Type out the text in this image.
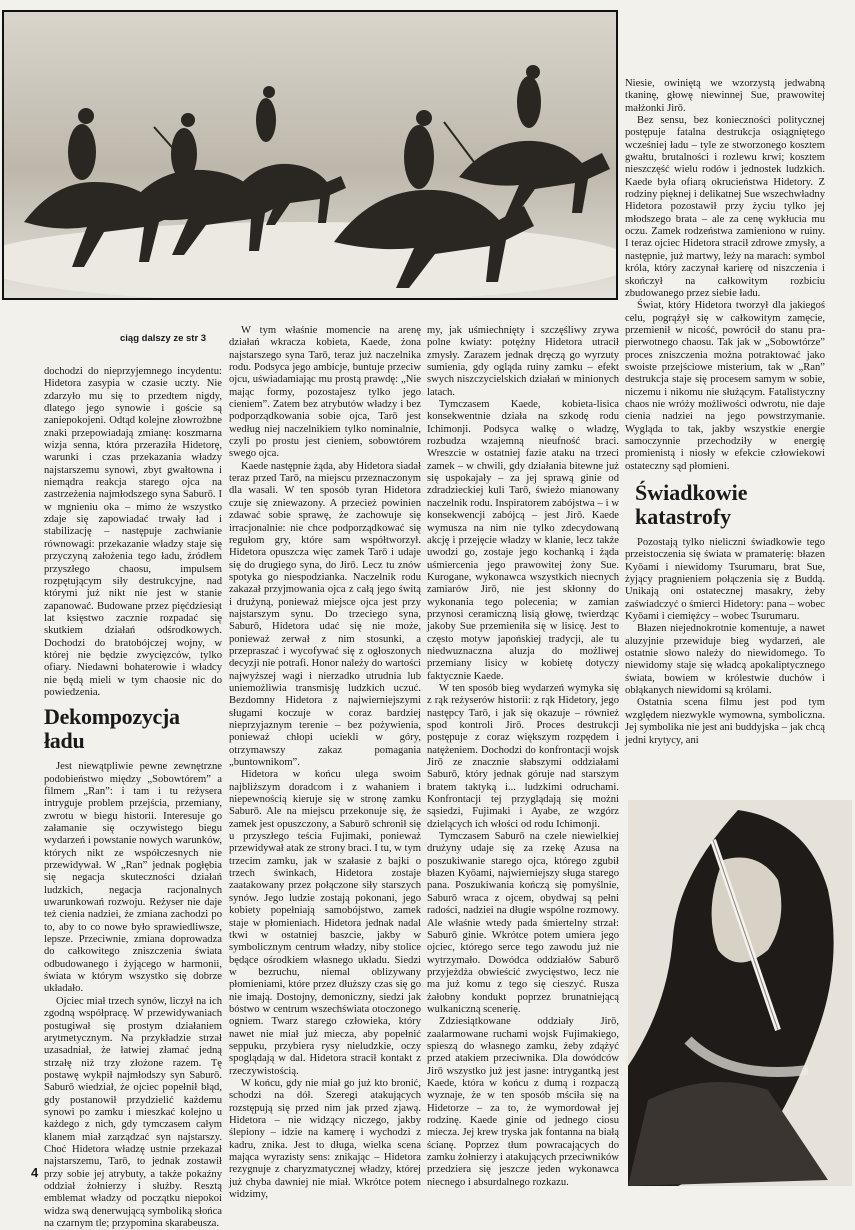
ciąg dalszy ze str 3

dochodzi do nieprzyjemnego incydentu: Hidetora zasypia w czasie uczty. Nie zdarzyło mu się to przedtem nigdy, dlatego jego synowie i goście są zaniepokojeni. Odtąd kolejne złowrożbne znaki przepowiadają zmianę: koszmarna wizja senna, która przeraziła Hidetorę, warunki i czas przekazania władzy najstarszemu synowi, zbyt gwałtowna i niemądra reakcja starego ojca na zastrzeżenia najmłodszego syna Saburō. I w mgnieniu oka – mimo że wszystko zdaje się zapowiadać trwały ład i stabilizację – następuje zachwianie równowagi: przekazanie władzy staje się przyczyną założenia tego ładu, źródłem przyszłego chaosu, impulsem rozpętującym siły destrukcyjne, nad którymi już nikt nie jest w stanie zapanować. Budowane przez pięćdziesiąt lat księstwo zacznie rozpadać się skutkiem działań odśrodkowych. Dochodzi do bratobójczej wojny, w której nie będzie zwycięzców, tylko ofiary. Niedawni bohaterowie i władcy nie będą mieli w tym chaosie nic do powiedzenia.

Dekompozycja ładu

Jest niewątpliwie pewne zewnętrzne podobieństwo między „Sobowtórem” a filmem „Ran”: i tam i tu reżysera intryguje problem przejścia, przemiany, zwrotu w biegu historii. Interesuje go załamanie się oczywistego biegu wydarzeń i powstanie nowych warunków, których nikt ze współczesnych nie przewidywał. W „Ran” jednak pogłębia się negacja skuteczności działań ludzkich, negacja racjonalnych uwarunkowań rozwoju. Reżyser nie daje też cienia nadziei, że zmiana zachodzi po to, aby to co nowe było sprawiedliwsze, lepsze. Przeciwnie, zmiana doprowadza do całkowitego zniszczenia świata odbudowanego i żyjącego w harmonii, świata w którym wszystko się dobrze układało.

Ojciec miał trzech synów, liczył na ich zgodną współpracę. W przewidywaniach postugiwał się prostym działaniem arytmetycznym. Na przykładzie strzał uzasadniał, że łatwiej złamać jedną strzałę niż trzy złożone razem. Tę postawę wykpił najmłodszy syn Saburō. Saburō wiedział, że ojciec popełnił błąd, gdy postanowił przydzielić każdemu synowi po zamku i mieszkać kolejno u każdego z nich, gdy tymczasem całym klanem miał zarządzać syn najstarszy. Choć Hidetora władzę ustnie przekazał najstarszemu, Tarō, to jednak zostawił przy sobie jej atrybuty, a także pokaźny oddział żołnierzy i służby. Resztą emblemat władzy od początku niepokoi widza swą denerwującą symboliką słońca na czarnym tle; przypomina skarabeusza.

W tym właśnie momencie na arenę działań wkracza kobieta, Kaede, żona najstarszego syna Tarō, teraz już naczelnika rodu. Podsyca jego ambicje, buntuje przeciw ojcu, uświadamiając mu prostą prawdę: „Nie mając formy, pozostajesz tylko jego cieniem”. Zatem bez atrybutów władzy i bez podporządkowania sobie ojca, Tarō jest według niej naczelnikiem tylko nominalnie, czyli po prostu jest cieniem, sobowtórem swego ojca.

Kaede następnie żąda, aby Hidetora siadał teraz przed Tarō, na miejscu przeznaczonym dla wasali. W ten sposób tyran Hidetora czuje się zniewazony. A przecież powinien zdawać sobie sprawę, że zachowuje się irracjonalnie: nie chce podporządkować się regułom gry, które sam współtworzył. Hidetora opuszcza więc zamek Tarō i udaje się do drugiego syna, do Jirō. Lecz tu znów spotyka go niespodzianka. Naczelnik rodu zakazał przyjmowania ojca z całą jego świtą i drużyną, ponieważ miejsce ojca jest przy najstarszym synu. Do trzeciego syna, Saburō, Hidetora udać się nie może, ponieważ zerwał z nim stosunki, a przepraszać i wycofywać się z ogłoszonych decyzji nie potrafi. Honor należy do wartości najwyższej wagi i nierzadko utrudnia lub uniemożliwia transmisję ludzkich uczuć. Bezdomny Hidetora z najwierniejszymi sługami koczuje w coraz bardziej nieprzyjaznym terenie – bez pożywienia, ponieważ chłopi uciekli w góry, otrzymawszy zakaz pomagania „buntownikom”.

Hidetora w końcu ulega swoim najbliższym doradcom i z wahaniem i niepewnością kieruje się w stronę zamku Saburō. Ale na miejscu przekonuje się, że zamek jest opuszczony, a Saburō schronił się u przyszłego teścia Fujimaki, ponieważ przewidywał atak ze strony braci. I tu, w tym trzecim zamku, jak w szałasie z bajki o trzech świnkach, Hidetora zostaje zaatakowany przez połączone siły starszych synów. Jego ludzie zostają pokonani, jego kobiety popełniają samobójstwo, zamek staje w płomieniach. Hidetora jednak nadal tkwi w ostatniej baszcie, jakby w symbolicznym centrum władzy, niby stolice będące ośrodkiem własnego układu. Siedzi w bezruchu, niemal oblizywany płomieniami, które przez dłuższy czas się go nie imają. Dostojny, demoniczny, siedzi jak bóstwo w centrum wszechświata otoczonego ogniem. Twarz starego człowieka, który nawet nie miał już miecza, aby popełnić seppuku, przybiera rysy nieludzkie, oczy spoglądają w dal. Hidetora stracił kontakt z rzeczywistością.

W końcu, gdy nie miał go już kto bronić, schodzi na dół. Szeregi atakujących rozstępują się przed nim jak przed zjawą. Hidetora – nie widzący niczego, jakby ślepiony – idzie na kamerę i wychodzi z kadru, znika. Jest to długa, wielka scena mająca wyrazisty sens: znikając – Hidetora rezygnuje z charyzmatycznej władzy, której już chyba dawniej nie miał. Wkrótce potem widzimy,

my, jak uśmiechnięty i szczęśliwy zrywa polne kwiaty: potężny Hidetora utracił zmysły. Zarazem jednak dręczą go wyrzuty sumienia, gdy ogląda ruiny zamku – efekt swych niszczycielskich działań w minionych latach.

Tymczasem Kaede, kobieta-lisica konsekwentnie działa na szkodę rodu Ichimonji. Podsyca walkę o władzę, rozbudza wzajemną nieufność braci. Wreszcie w ostatniej fazie ataku na trzeci zamek – w chwili, gdy działania bitewne już się uspokajały – za jej sprawą ginie od zdradzieckiej kuli Tarō, świeżo mianowany naczelnik rodu. Inspiratorem zabójstwa – i w konsekwencji zabójcą – jest Jirō. Kaede wymusza na nim nie tylko zdecydowaną akcję i przejęcie władzy w klanie, lecz także uwodzi go, zostaje jego kochanką i żąda uśmiercenia jego prawowitej żony Sue. Kurogane, wykonawca wszystkich niecnych zamiarów Jirō, nie jest skłonny do wykonania tego polecenia; w zamian przynosi ceramiczną lisią głowę, twierdząc jakoby Sue przemieniła się w lisicę. Jest to często motyw japońskiej tradycji, ale tu niedwuznaczna aluzja do możliwej przemiany lisicy w kobietę dotyczy faktycznie Kaede.

W ten sposób bieg wydarzeń wymyka się z rąk reżyserów historii: z rąk Hidetory, jego następcy Tarō, i jak się okazuje – również spod kontroli Jirō. Proces destrukcji postępuje z coraz większym rozpędem i natężeniem. Dochodzi do konfrontacji wojsk Jirō ze znacznie słabszymi oddziałami Saburō, który jednak góruje nad starszym bratem taktyką i... ludzkimi odruchami. Konfrontacji tej przyglądają się możni sąsiedzi, Fujimaki i Ayabe, ze wzgórz dzielących ich włości od rodu Ichimonji.

Tymczasem Saburō na czele niewielkiej drużyny udaje się za rzekę Azusa na poszukiwanie starego ojca, którego zgubił błazen Kyōami, najwierniejszy sługa starego pana. Poszukiwania kończą się pomyślnie, Saburō wraca z ojcem, obydwaj są pełni radości, nadzieі na długie wspólne rozmowy. Ale właśnie wtedy pada śmiertelny strzał: Saburō ginie. Wkrótce potem umiera jego ojciec, którego serce tego zawodu już nie wytrzymało. Dowódca oddziałów Saburō przyjeżdża obwieścić zwycięstwo, lecz nie ma już komu z tego się cieszyć. Rusza żałobny kondukt poprzez brunatniejącą wulkaniczną scenerię.

Zdziesiątkowane oddziały Jirō, zaalarmowane ruchami wojsk Fujimakiego, spieszą do własnego zamku, żeby zdążyć przed atakiem przeciwnika. Dla dowódców Jirō wszystko już jest jasne: intrygantką jest Kaede, która w końcu z dumą i rozpaczą wyznaje, że w ten sposób mściła się na Hidetorze – za to, że wymordował jej rodzinę. Kaede ginie od jednego ciosu miecza. Jej krew tryska jak fontanna na białą ścianę. Poprzez tłum powracających do zamku żołnierzy i atakujących przeciwników przedziera się jeszcze jeden wykonawca niecnego i absurdalnego rozkazu.

Niesie, owiniętą we wzorzystą jedwabną tkaninę, głowę niewinnej Sue, prawowitej małżonki Jirō.

Bez sensu, bez konieczności politycznej postępuje fatalna destrukcja osiągniętego wcześniej ładu – tyle ze stworzonego kosztem gwałtu, brutalności i rozlewu krwi; kosztem nieszczęść wielu rodów i jednostek ludzkich. Kaede była ofiarą okrucieństwa Hidetory. Z rodziny pięknej i delikatnej Sue wszechwładny Hidetora pozostawił przy życiu tylko jej młodszego brata – ale za cenę wykłucia mu oczu. Zamek rodzeństwa zamieniono w ruiny. I teraz ojciec Hidetora stracił zdrowe zmysły, a następnie, już martwy, leży na marach: symbol króla, który zaczynał karierę od niszczenia i skończył na całkowitym rozbiciu zbudowanego przez siebie ładu.

Świat, który Hidetora tworzył dla jakiegoś celu, pogrążył się w całkowitym zamęcie, przemienił w nicość, powrócił do stanu pra-pierwotnego chaosu. Tak jak w „Sobowtórze” proces zniszczenia można potraktować jako swoiste przejściowe misterium, tak w „Ran” destrukcja staje się procesem samym w sobie, niczemu i nikomu nie służącym. Fatalistyczny chaos nie wróży możliwości odwrotu, nie daje cienia nadziei na jego powstrzymanie. Wygląda to tak, jakby wszystkie energie samoczynnie przechodziły w energię promienistą i niosły w efekcie człowiekowi ostateczny sąd płomieni.

Świadkowie katastrofy

Pozostają tylko nieliczni świadkowie tego przeistoczenia się świata w pramaterię: błazen Kyōami i niewidomy Tsurumaru, brat Sue, żyjący pragnieniem połączenia się z Buddą. Unikają oni ostatecznej masakry, żeby zaświadczyć o śmierci Hidetory: pana – wobec Kyōami i ciemiężcy – wobec Tsurumaru.

Błazen niejednokrotnie komentuje, a nawet aluzyjnie przewiduje bieg wydarzeń, ale ostatnie słowo należy do niewidomego. To niewidomy staje się władcą apokaliptycznego świata, bowiem w królestwie duchów i obłąkanych niewidomi są królami.

Ostatnia scena filmu jest pod tym względem niezwykle wymowna, symboliczna. Jej symbolika nie jest ani buddyjska – jak chcą jedni krytycy, ani

4
